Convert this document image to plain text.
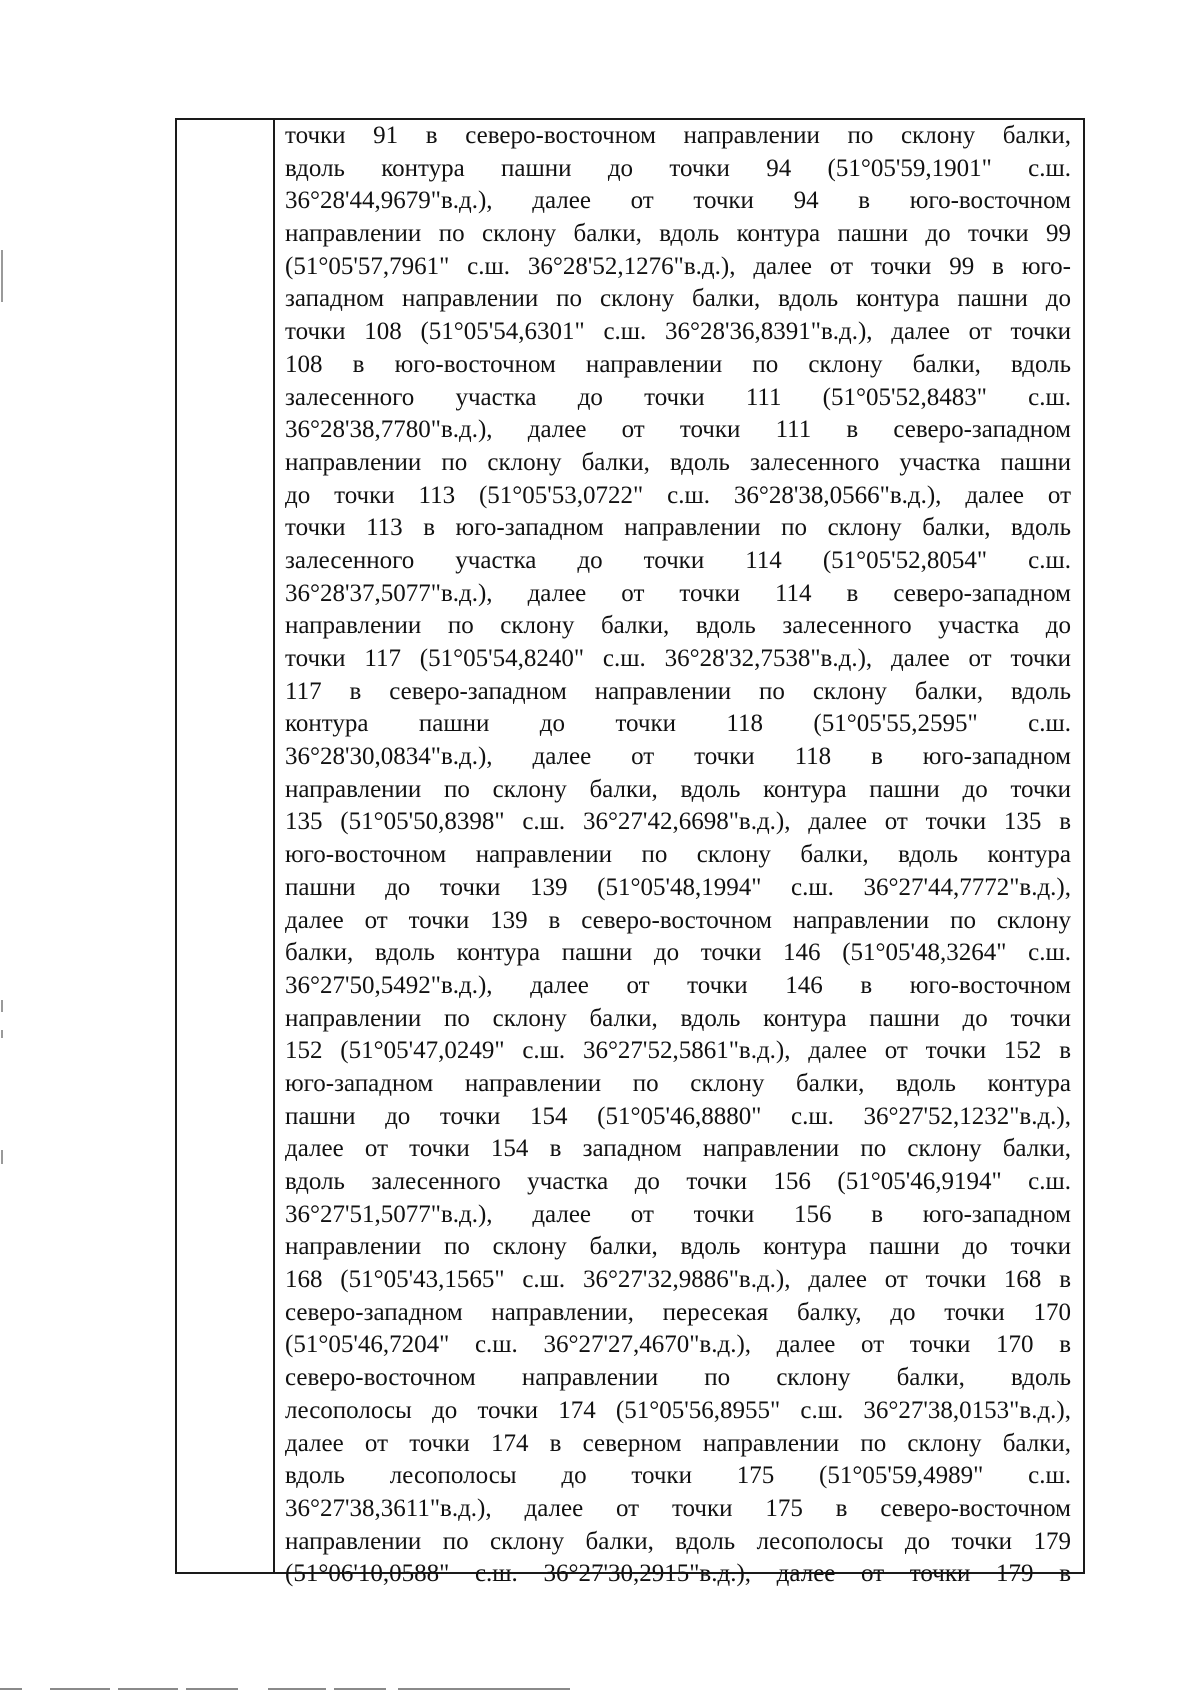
точки 91 в северо-восточном направлении по склону балки,
вдоль контура пашни до точки 94 (51°05'59,1901" с.ш.
36°28'44,9679"в.д.), далее от точки 94 в юго-восточном
направлении по склону балки, вдоль контура пашни до точки 99
(51°05'57,7961" с.ш. 36°28'52,1276"в.д.), далее от точки 99 в юго-
западном направлении по склону балки, вдоль контура пашни до
точки 108 (51°05'54,6301" с.ш. 36°28'36,8391"в.д.), далее от точки
108 в юго-восточном направлении по склону балки, вдоль
залесенного участка до точки 111 (51°05'52,8483" с.ш.
36°28'38,7780"в.д.), далее от точки 111 в северо-западном
направлении по склону балки, вдоль залесенного участка пашни
до точки 113 (51°05'53,0722" с.ш. 36°28'38,0566"в.д.), далее от
точки 113 в юго-западном направлении по склону балки, вдоль
залесенного участка до точки 114 (51°05'52,8054" с.ш.
36°28'37,5077"в.д.), далее от точки 114 в северо-западном
направлении по склону балки, вдоль залесенного участка до
точки 117 (51°05'54,8240" с.ш. 36°28'32,7538"в.д.), далее от точки
117 в северо-западном направлении по склону балки, вдоль
контура пашни до точки 118 (51°05'55,2595" с.ш.
36°28'30,0834"в.д.), далее от точки 118 в юго-западном
направлении по склону балки, вдоль контура пашни до точки
135 (51°05'50,8398" с.ш. 36°27'42,6698"в.д.), далее от точки 135 в
юго-восточном направлении по склону балки, вдоль контура
пашни до точки 139 (51°05'48,1994" с.ш. 36°27'44,7772"в.д.),
далее от точки 139 в северо-восточном направлении по склону
балки, вдоль контура пашни до точки 146 (51°05'48,3264" с.ш.
36°27'50,5492"в.д.), далее от точки 146 в юго-восточном
направлении по склону балки, вдоль контура пашни до точки
152 (51°05'47,0249" с.ш. 36°27'52,5861"в.д.), далее от точки 152 в
юго-западном направлении по склону балки, вдоль контура
пашни до точки 154 (51°05'46,8880" с.ш. 36°27'52,1232"в.д.),
далее от точки 154 в западном направлении по склону балки,
вдоль залесенного участка до точки 156 (51°05'46,9194" с.ш.
36°27'51,5077"в.д.), далее от точки 156 в юго-западном
направлении по склону балки, вдоль контура пашни до точки
168 (51°05'43,1565" с.ш. 36°27'32,9886"в.д.), далее от точки 168 в
северо-западном направлении, пересекая балку, до точки 170
(51°05'46,7204" с.ш. 36°27'27,4670"в.д.), далее от точки 170 в
северо-восточном направлении по склону балки, вдоль
лесополосы до точки 174 (51°05'56,8955" с.ш. 36°27'38,0153"в.д.),
далее от точки 174 в северном направлении по склону балки,
вдоль лесополосы до точки 175 (51°05'59,4989" с.ш.
36°27'38,3611"в.д.), далее от точки 175 в северо-восточном
направлении по склону балки, вдоль лесополосы до точки 179
(51°06'10,0588" с.ш. 36°27'30,2915"в.д.), далее от точки 179 в
